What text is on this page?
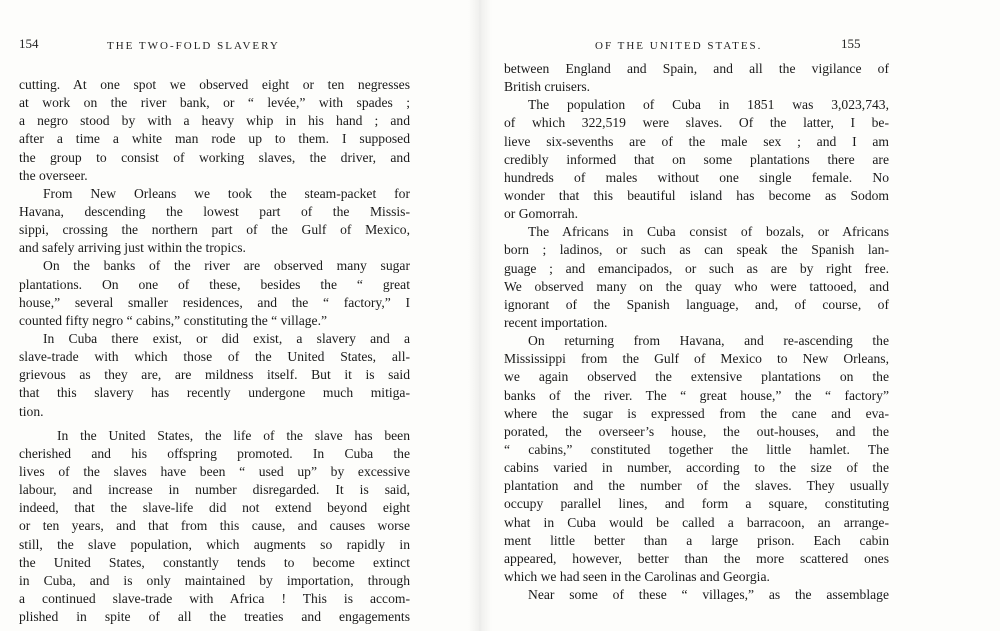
154	THE TWO-FOLD SLAVERY
cutting. At one spot we observed eight or ten negresses
at work on the river bank, or “ levée,” with spades ;
a negro stood by with a heavy whip in his hand ; and
after a time a white man rode up to them. I supposed
the group to consist of working slaves, the driver, and
the overseer.
From New Orleans we took the steam-packet for
Havana, descending the lowest part of the Missis-
sippi, crossing the northern part of the Gulf of Mexico,
and safely arriving just within the tropics.
On the banks of the river are observed many sugar
plantations. On one of these, besides the “ great
house,” several smaller residences, and the “ factory,” I
counted fifty negro “ cabins,” constituting the “ village.”
In Cuba there exist, or did exist, a slavery and a
slave-trade with which those of the United States, all-
grievous as they are, are mildness itself. But it is said
that this slavery has recently undergone much mitiga-
tion.
In the United States, the life of the slave has been
cherished and his offspring promoted. In Cuba the
lives of the slaves have been “ used up” by excessive
labour, and increase in number disregarded. It is said,
indeed, that the slave-life did not extend beyond eight
or ten years, and that from this cause, and causes worse
still, the slave population, which augments so rapidly in
the United States, constantly tends to become extinct
in Cuba, and is only maintained by importation, through
a continued slave-trade with Africa ! This is accom-
plished in spite of all the treaties and engagements
OF THE UNITED STATES.	155
between England and Spain, and all the vigilance of
British cruisers.
The population of Cuba in 1851 was 3,023,743,
of which 322,519 were slaves. Of the latter, I be-
lieve six-sevenths are of the male sex ; and I am
credibly informed that on some plantations there are
hundreds of males without one single female. No
wonder that this beautiful island has become as Sodom
or Gomorrah.
The Africans in Cuba consist of bozals, or Africans
born ; ladinos, or such as can speak the Spanish lan-
guage ; and emancipados, or such as are by right free.
We observed many on the quay who were tattooed, and
ignorant of the Spanish language, and, of course, of
recent importation.
On returning from Havana, and re-ascending the
Mississippi from the Gulf of Mexico to New Orleans,
we again observed the extensive plantations on the
banks of the river. The “ great house,” the “ factory”
where the sugar is expressed from the cane and eva-
porated, the overseer’s house, the out-houses, and the
“ cabins,” constituted together the little hamlet. The
cabins varied in number, according to the size of the
plantation and the number of the slaves. They usually
occupy parallel lines, and form a square, constituting
what in Cuba would be called a barracoon, an arrange-
ment little better than a large prison. Each cabin
appeared, however, better than the more scattered ones
which we had seen in the Carolinas and Georgia.
Near some of these “ villages,” as the assemblage
